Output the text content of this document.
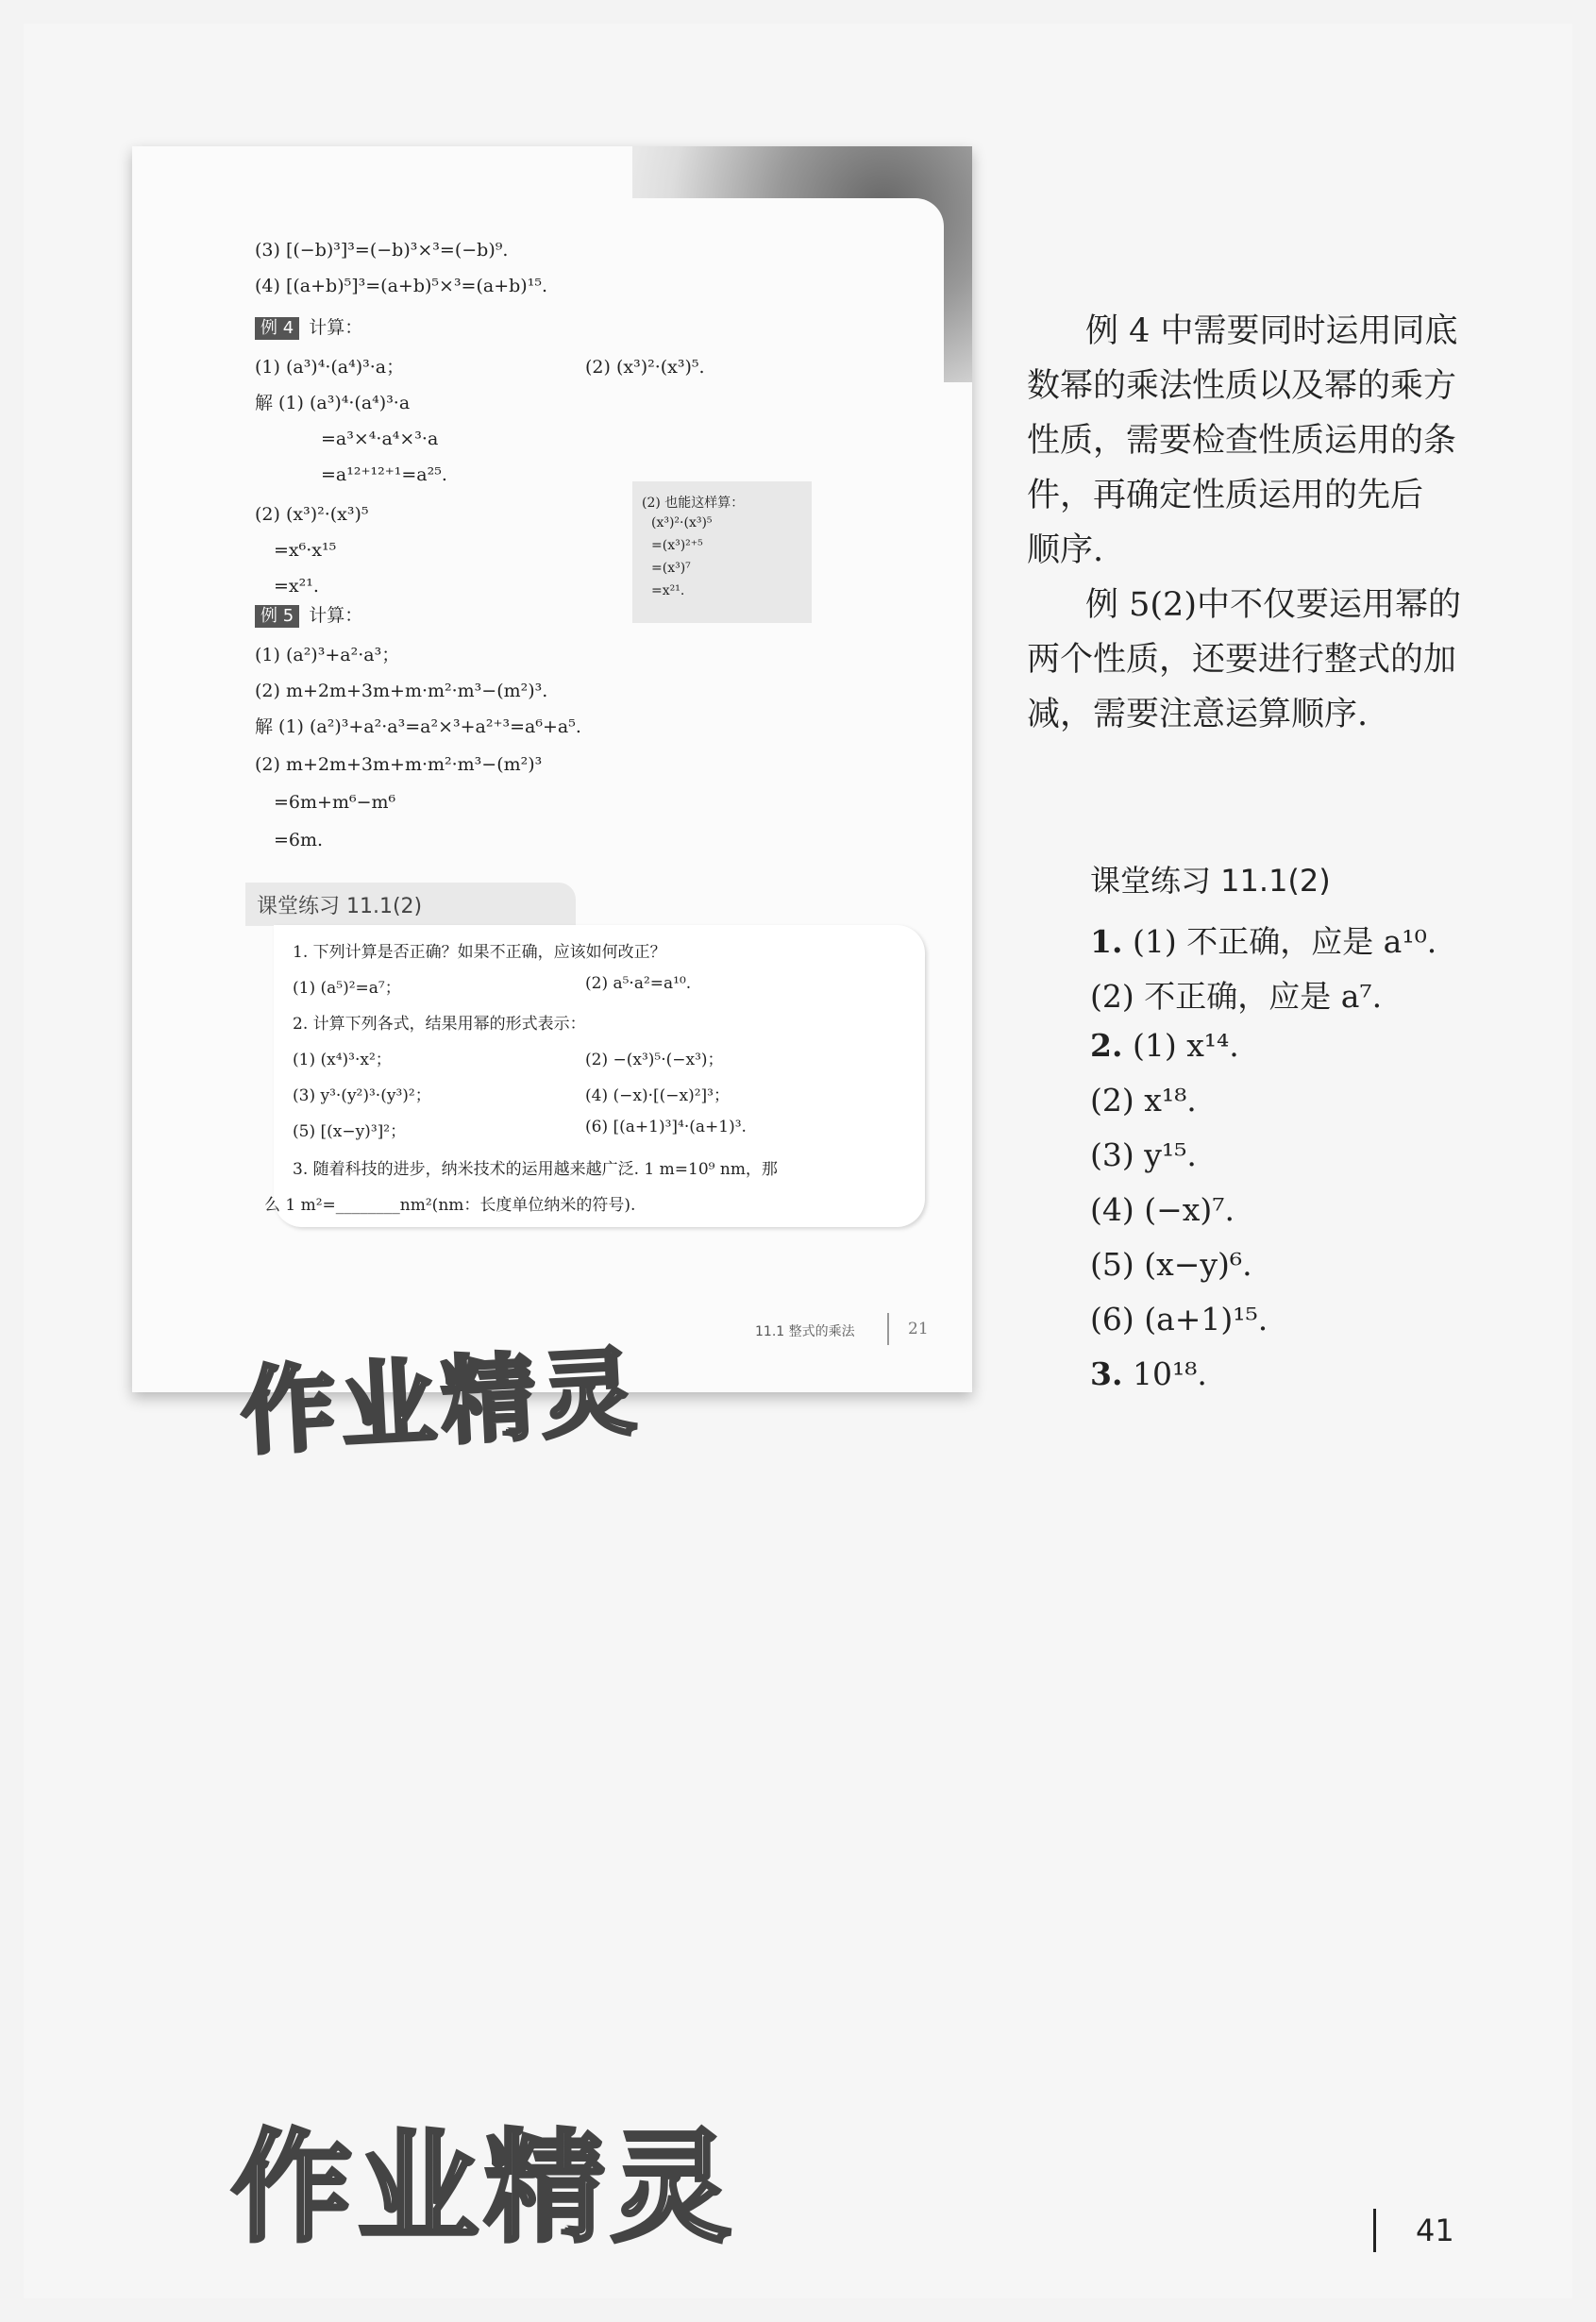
(3) [(−b)³]³=(−b)³×³=(−b)⁹.
(4) [(a+b)⁵]³=(a+b)⁵×³=(a+b)¹⁵.
例 4 计算：
(1) (a³)⁴·(a⁴)³·a；	(2) (x³)²·(x³)⁵.
解 (1) (a³)⁴·(a⁴)³·a
=a³×⁴·a⁴×³·a
=a¹²⁺¹²⁺¹=a²⁵.
(2) (x³)²·(x³)⁵
=x⁶·x¹⁵
=x²¹.
(2) 也能这样算：
(x³)²·(x³)⁵
=(x³)²⁺⁵
=(x³)⁷
=x²¹.
例 5 计算：
(1) (a²)³+a²·a³；
(2) m+2m+3m+m·m²·m³−(m²)³.
解 (1) (a²)³+a²·a³=a²×³+a²⁺³=a⁶+a⁵.
(2) m+2m+3m+m·m²·m³−(m²)³
=6m+m⁶−m⁶
=6m.
课堂练习 11.1(2)
1. 下列计算是否正确？如果不正确，应该如何改正？
(1) (a⁵)²=a⁷；	(2) a⁵·a²=a¹⁰.
2. 计算下列各式，结果用幂的形式表示：
(1) (x⁴)³·x²；	(2) −(x³)⁵·(−x³)；
(3) y³·(y²)³·(y³)²；	(4) (−x)·[(−x)²]³；
(5) [(x−y)³]²；	(6) [(a+1)³]⁴·(a+1)³.
3. 随着科技的进步，纳米技术的运用越来越广泛. 1 m=10⁹ nm，那
么 1 m²=________nm²(nm：长度单位纳米的符号).
11.1 整式的乘法	21
作业精灵
例 4 中需要同时运用同底
数幂的乘法性质以及幂的乘方
性质，需要检查性质运用的条
件，再确定性质运用的先后
顺序.
例 5(2)中不仅要运用幂的
两个性质，还要进行整式的加
减，需要注意运算顺序.
课堂练习 11.1(2)
1. (1) 不正确，应是 a¹⁰.
(2) 不正确，应是 a⁷.
2. (1) x¹⁴.
(2) x¹⁸.
(3) y¹⁵.
(4) (−x)⁷.
(5) (x−y)⁶.
(6) (a+1)¹⁵.
3. 10¹⁸.
作业精灵	41
